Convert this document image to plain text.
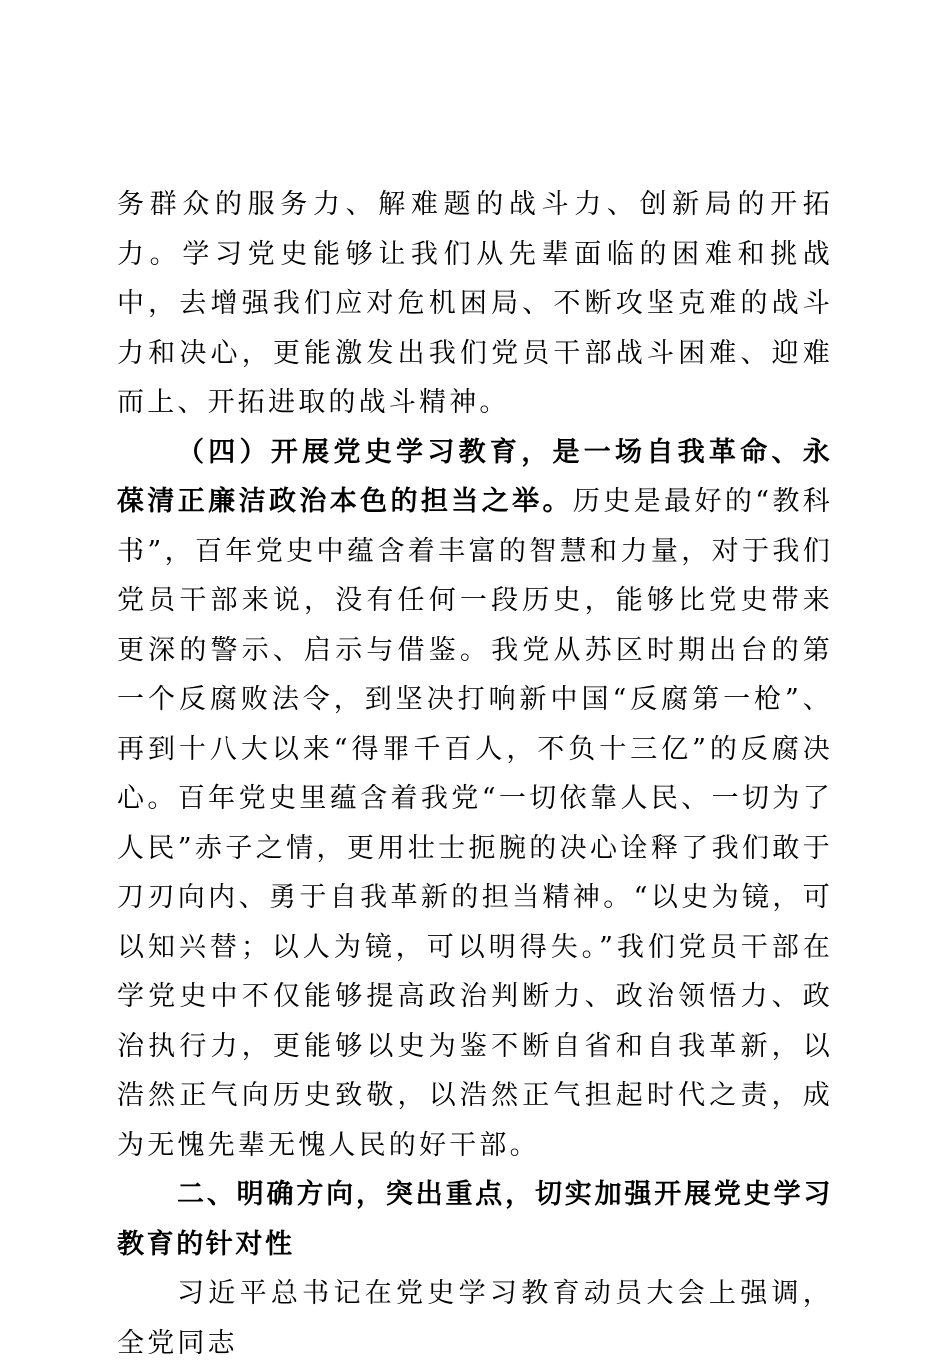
务群众的服务力、解难题的战斗力、创新局的开拓力。学习党史能够让我们从先辈面临的困难和挑战中，去增强我们应对危机困局、不断攻坚克难的战斗力和决心，更能激发出我们党员干部战斗困难、迎难而上、开拓进取的战斗精神。

（四）开展党史学习教育，是一场自我革命、永葆清正廉洁政治本色的担当之举。历史是最好的“教科书”，百年党史中蕴含着丰富的智慧和力量，对于我们党员干部来说，没有任何一段历史，能够比党史带来更深的警示、启示与借鉴。我党从苏区时期出台的第一个反腐败法令，到坚决打响新中国“反腐第一枪”、再到十八大以来“得罪千百人，不负十三亿”的反腐决心。百年党史里蕴含着我党“一切依靠人民、一切为了人民”赤子之情，更用壮士扼腕的决心诠释了我们敢于刀刃向内、勇于自我革新的担当精神。“以史为镜，可以知兴替；以人为镜，可以明得失。”我们党员干部在学党史中不仅能够提高政治判断力、政治领悟力、政治执行力，更能够以史为鉴不断自省和自我革新，以浩然正气向历史致敬，以浩然正气担起时代之责，成为无愧先辈无愧人民的好干部。

二、明确方向，突出重点，切实加强开展党史学习教育的针对性

习近平总书记在党史学习教育动员大会上强调，全党同志
